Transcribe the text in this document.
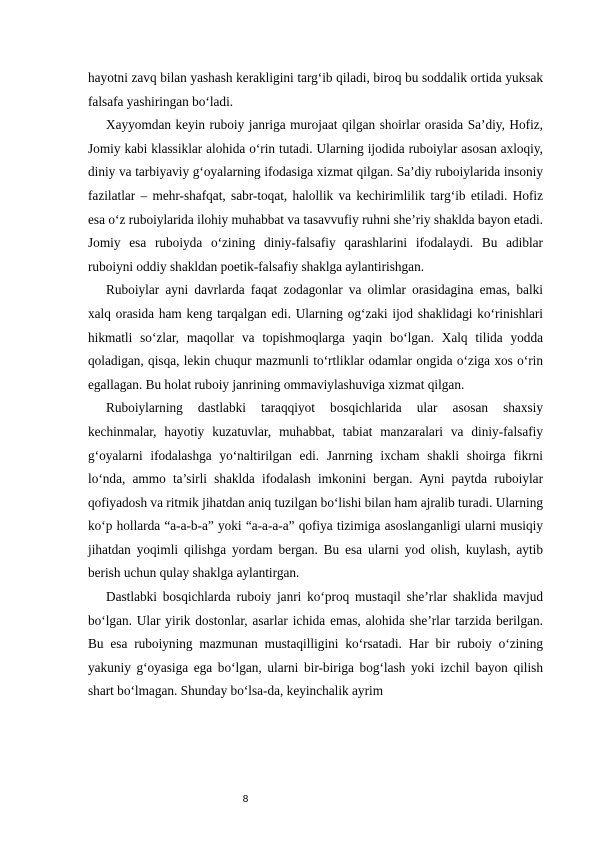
hayotni zavq bilan yashash kerakligini targ‘ib qiladi, biroq bu soddalik ortida yuksak falsafa yashiringan bo‘ladi.

Xayyomdan keyin ruboiy janriga murojaat qilgan shoirlar orasida Sa’diy, Hofiz, Jomiy kabi klassiklar alohida o‘rin tutadi. Ularning ijodida ruboiylar asosan axloqiy, diniy va tarbiyaviy g‘oyalarning ifodasiga xizmat qilgan. Sa’diy ruboiylarida insoniy fazilatlar – mehr-shafqat, sabr-toqat, halollik va kechirimlilik targ‘ib etiladi. Hofiz esa o‘z ruboiylarida ilohiy muhabbat va tasavvufiy ruhni she’riy shaklda bayon etadi. Jomiy esa ruboiyda o‘zining diniy-falsafiy qarashlarini ifodalaydi. Bu adiblar ruboiyni oddiy shakldan poetik-falsafiy shaklga aylantirishgan.

Ruboiylar ayni davrlarda faqat zodagonlar va olimlar orasidagina emas, balki xalq orasida ham keng tarqalgan edi. Ularning og‘zaki ijod shaklidagi ko‘rinishlari hikmatli so‘zlar, maqollar va topishmoqlarga yaqin bo‘lgan. Xalq tilida yodda qoladigan, qisqa, lekin chuqur mazmunli to‘rtliklar odamlar ongida o‘ziga xos o‘rin egallagan. Bu holat ruboiy janrining ommaviylashuviga xizmat qilgan.

Ruboiylarning dastlabki taraqqiyot bosqichlarida ular asosan shaxsiy kechinmalar, hayotiy kuzatuvlar, muhabbat, tabiat manzaralari va diniy-falsafiy g‘oyalarni ifodalashga yo‘naltirilgan edi. Janrning ixcham shakli shoirga fikrni lo‘nda, ammo ta’sirli shaklda ifodalash imkonini bergan. Ayni paytda ruboiylar qofiyadosh va ritmik jihatdan aniq tuzilgan bo‘lishi bilan ham ajralib turadi. Ularning ko‘p hollarda “a-a-b-a” yoki “a-a-a-a” qofiya tizimiga asoslanganligi ularni musiqiy jihatdan yoqimli qilishga yordam bergan. Bu esa ularni yod olish, kuylash, aytib berish uchun qulay shaklga aylantirgan.

Dastlabki bosqichlarda ruboiy janri ko‘proq mustaqil she’rlar shaklida mavjud bo‘lgan. Ular yirik dostonlar, asarlar ichida emas, alohida she’rlar tarzida berilgan. Bu esa ruboiyning mazmunan mustaqilligini ko‘rsatadi. Har bir ruboiy o‘zining yakuniy g‘oyasiga ega bo‘lgan, ularni bir-biriga bog‘lash yoki izchil bayon qilish shart bo‘lmagan. Shunday bo‘lsa-da, keyinchalik ayrim

8
